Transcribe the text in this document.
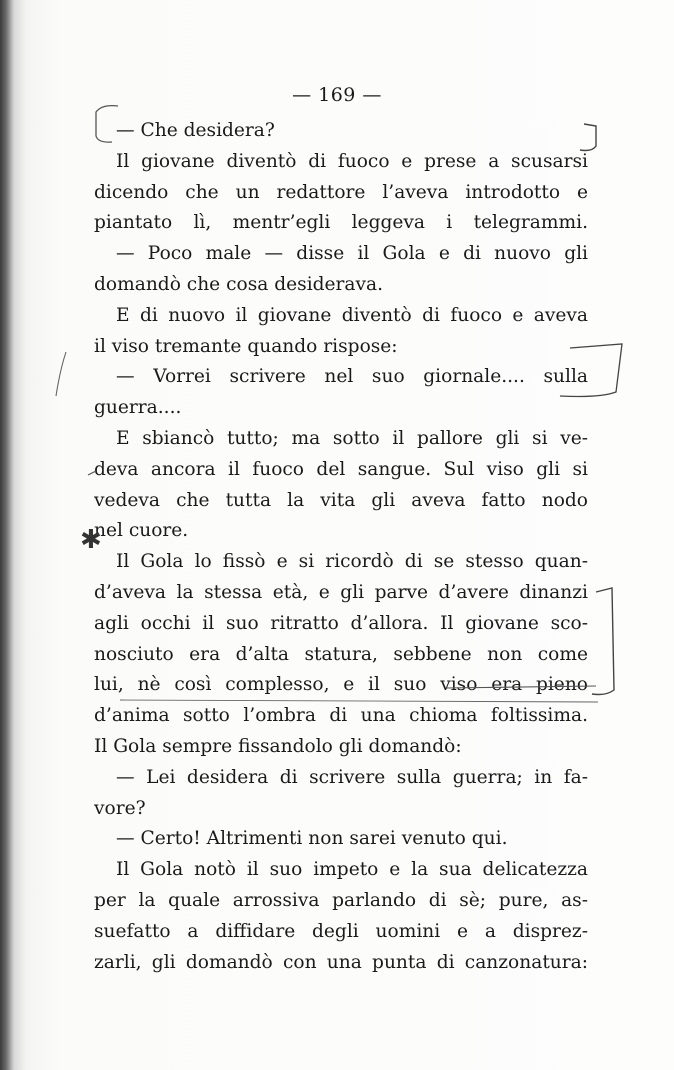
— 169 —
— Che desidera?
Il giovane diventò di fuoco e prese a scusarsi
dicendo che un redattore l’aveva introdotto e
piantato lì, mentr’egli leggeva i telegrammi.
— Poco male — disse il Gola e di nuovo gli
domandò che cosa desiderava.
E di nuovo il giovane diventò di fuoco e aveva
il viso tremante quando rispose:
— Vorrei scrivere nel suo giornale.... sulla
guerra....
E sbiancò tutto; ma sotto il pallore gli si ve-
deva ancora il fuoco del sangue. Sul viso gli si
vedeva che tutta la vita gli aveva fatto nodo
nel cuore.
Il Gola lo fissò e si ricordò di se stesso quan-
d’aveva la stessa età, e gli parve d’avere dinanzi
agli occhi il suo ritratto d’allora. Il giovane sco-
nosciuto era d’alta statura, sebbene non come
lui, nè così complesso, e il suo viso era pieno
d’anima sotto l’ombra di una chioma foltissima.
Il Gola sempre fissandolo gli domandò:
— Lei desidera di scrivere sulla guerra; in fa-
vore?
— Certo! Altrimenti non sarei venuto qui.
Il Gola notò il suo impeto e la sua delicatezza
per la quale arrossiva parlando di sè; pure, as-
suefatto a diffidare degli uomini e a disprez-
zarli, gli domandò con una punta di canzonatura:
✱
